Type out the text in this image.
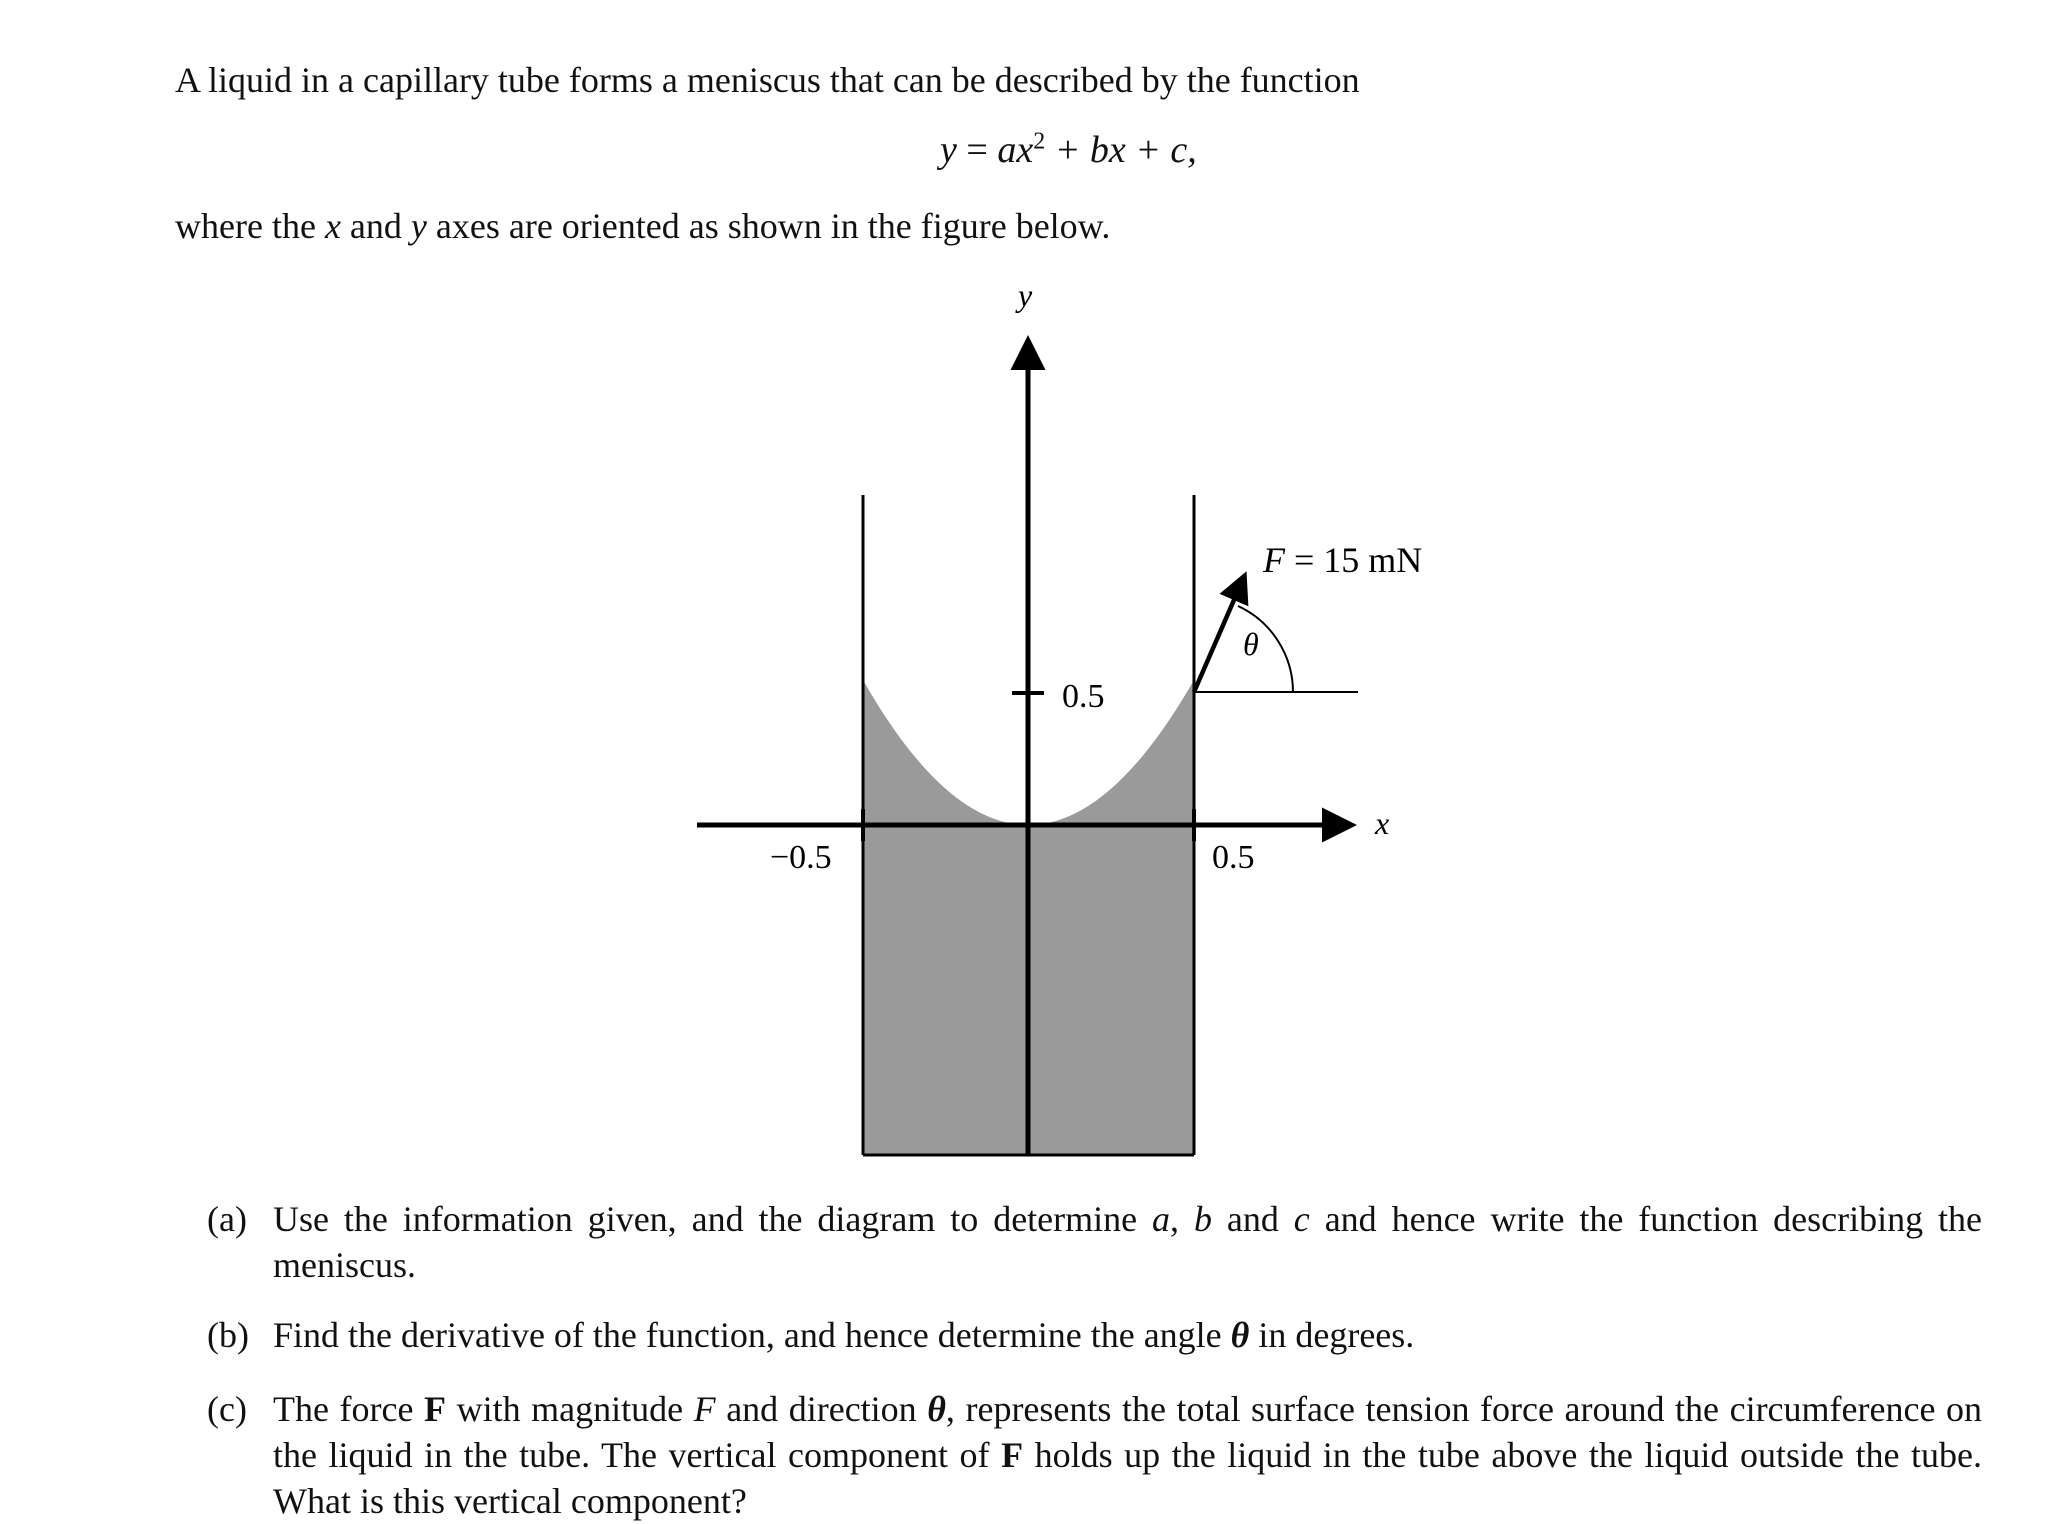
A liquid in a capillary tube forms a meniscus that can be described by the function
$y = ax^2$ + bx + c,
where the x and y axes are oriented as shown in the figure below.
y
x
0.5
−0.5	0.5
θ
F = 15 mN
(a) Use the information given, and the diagram to determine a, b and c and hence write the function describing the meniscus.
(b) Find the derivative of the function, and hence determine the angle θ in degrees.
(c) The force F with magnitude F and direction θ, represents the total surface tension force around the circumference on the liquid in the tube. The vertical component of F holds up the liquid in the tube above the liquid outside the tube. What is this vertical component?
